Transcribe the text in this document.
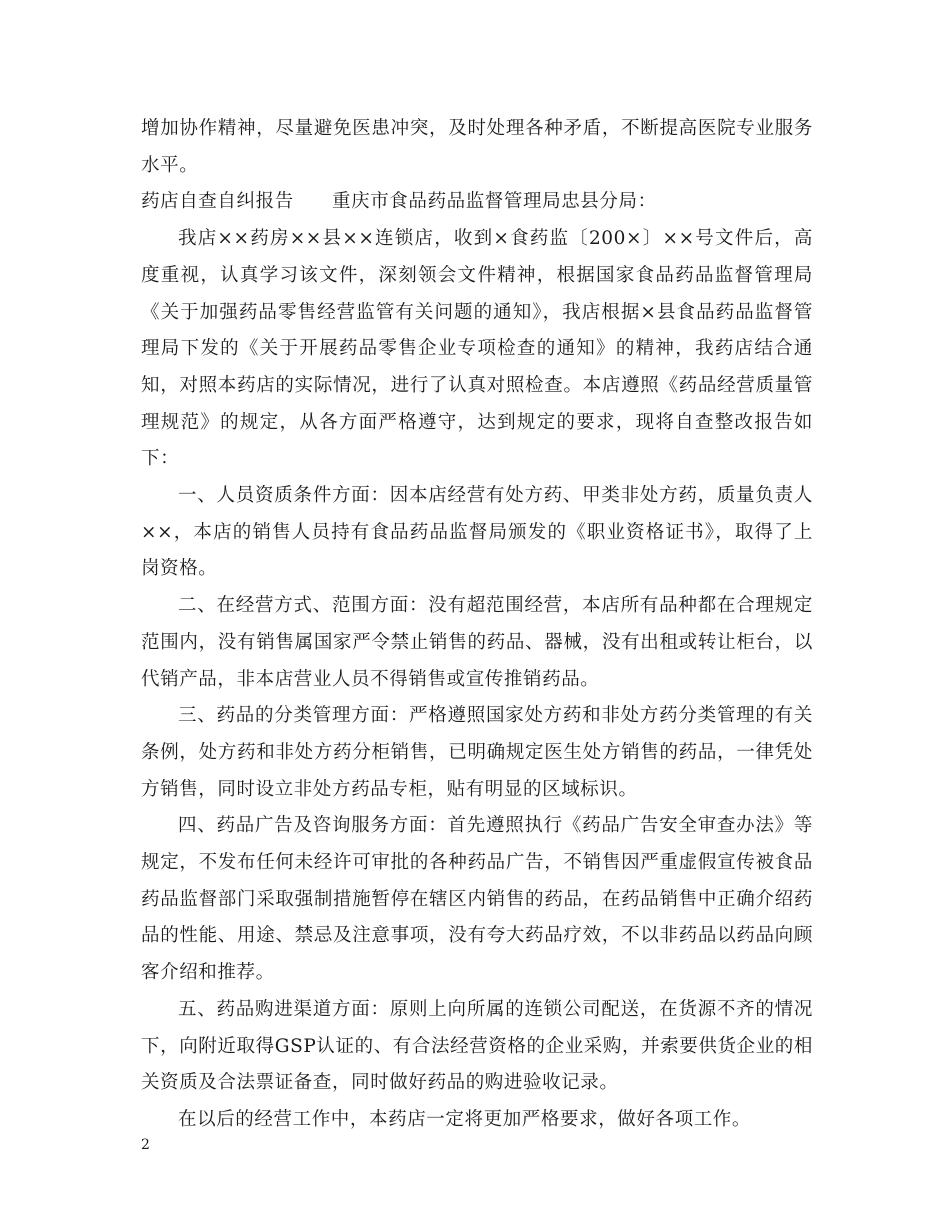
增加协作精神，尽量避免医患冲突，及时处理各种矛盾，不断提高医院专业服务水平。

药店自查自纠报告　　重庆市食品药品监督管理局忠县分局：

我店××药房××县××连锁店，收到×食药监〔200×〕××号文件后，高度重视，认真学习该文件，深刻领会文件精神，根据国家食品药品监督管理局《关于加强药品零售经营监管有关问题的通知》，我店根据×县食品药品监督管理局下发的《关于开展药品零售企业专项检查的通知》的精神，我药店结合通知，对照本药店的实际情况，进行了认真对照检查。本店遵照《药品经营质量管理规范》的规定，从各方面严格遵守，达到规定的要求，现将自查整改报告如下：

一、人员资质条件方面：因本店经营有处方药、甲类非处方药，质量负责人××，本店的销售人员持有食品药品监督局颁发的《职业资格证书》，取得了上岗资格。

二、在经营方式、范围方面：没有超范围经营，本店所有品种都在合理规定范围内，没有销售属国家严令禁止销售的药品、器械，没有出租或转让柜台，以代销产品，非本店营业人员不得销售或宣传推销药品。

三、药品的分类管理方面：严格遵照国家处方药和非处方药分类管理的有关条例，处方药和非处方药分柜销售，已明确规定医生处方销售的药品，一律凭处方销售，同时设立非处方药品专柜，贴有明显的区域标识。

四、药品广告及咨询服务方面：首先遵照执行《药品广告安全审查办法》等规定，不发布任何未经许可审批的各种药品广告，不销售因严重虚假宣传被食品药品监督部门采取强制措施暂停在辖区内销售的药品，在药品销售中正确介绍药品的性能、用途、禁忌及注意事项，没有夸大药品疗效，不以非药品以药品向顾客介绍和推荐。

五、药品购进渠道方面：原则上向所属的连锁公司配送，在货源不齐的情况下，向附近取得GSP认证的、有合法经营资格的企业采购，并索要供货企业的相关资质及合法票证备查，同时做好药品的购进验收记录。

在以后的经营工作中，本药店一定将更加严格要求，做好各项工作。

2
